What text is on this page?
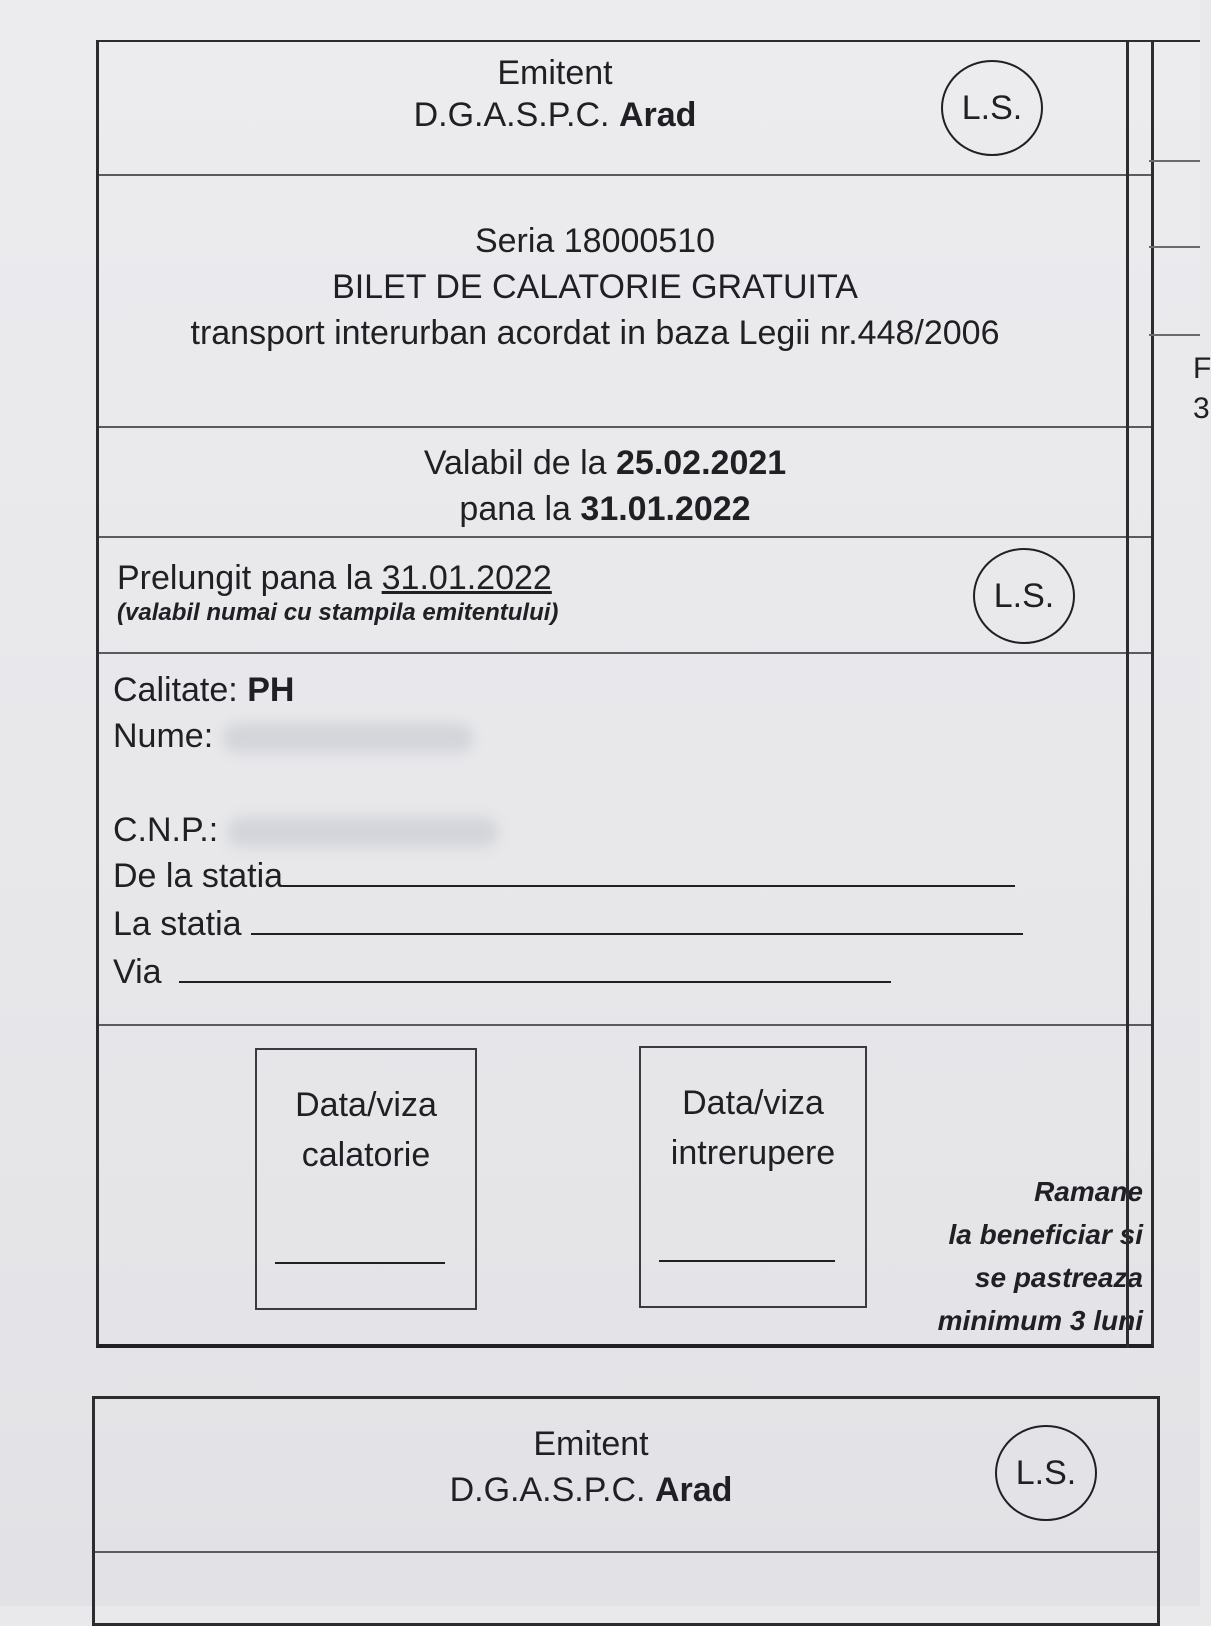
Emitent
D.G.A.S.P.C. Arad	L.S.
Seria 18000510
BILET DE CALATORIE GRATUITA
transport interurban acordat in baza Legii nr.448/2006
Valabil de la 25.02.2021
pana la 31.01.2022
Prelungit pana la 31.01.2022
(valabil numai cu stampila emitentului)	L.S.
Calitate: PH
Nume:
C.N.P.:
De la statia
La statia
Via
Data/viza
calatorie
Data/viza
intrerupere
Ramane
la beneficiar si
se pastreaza
minimum 3 luni
F
3
Emitent
D.G.A.S.P.C. Arad	L.S.
